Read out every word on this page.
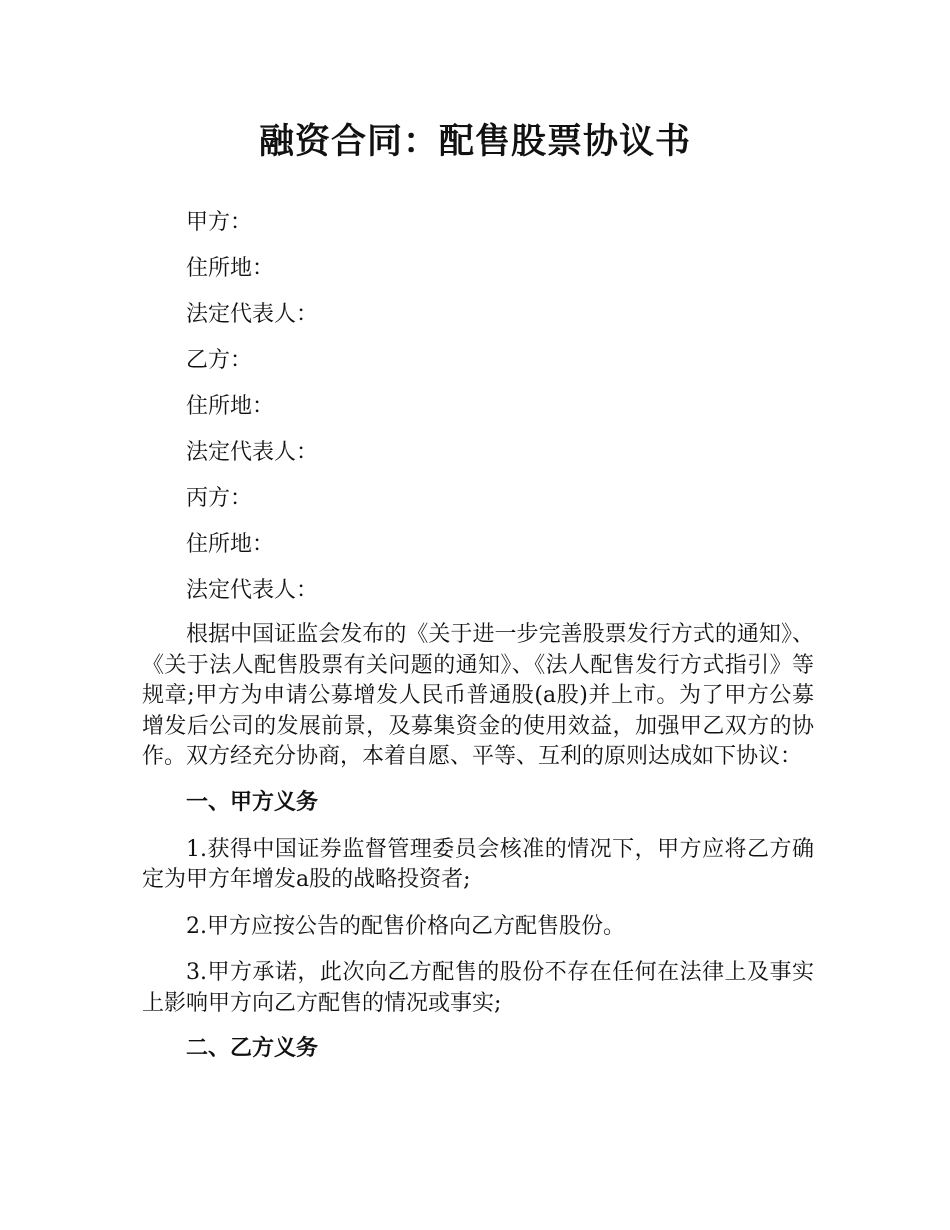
融资合同：配售股票协议书

甲方：

住所地：

法定代表人：

乙方：

住所地：

法定代表人：

丙方：

住所地：

法定代表人：

根据中国证监会发布的《关于进一步完善股票发行方式的通知》、《关于法人配售股票有关问题的通知》、《法人配售发行方式指引》等规章;甲方为申请公募增发人民币普通股(a股)并上市。为了甲方公募增发后公司的发展前景，及募集资金的使用效益，加强甲乙双方的协作。双方经充分协商，本着自愿、平等、互利的原则达成如下协议：

一、甲方义务

1.获得中国证券监督管理委员会核准的情况下，甲方应将乙方确定为甲方年增发a股的战略投资者;

2.甲方应按公告的配售价格向乙方配售股份。

3.甲方承诺，此次向乙方配售的股份不存在任何在法律上及事实上影响甲方向乙方配售的情况或事实;

二、乙方义务
